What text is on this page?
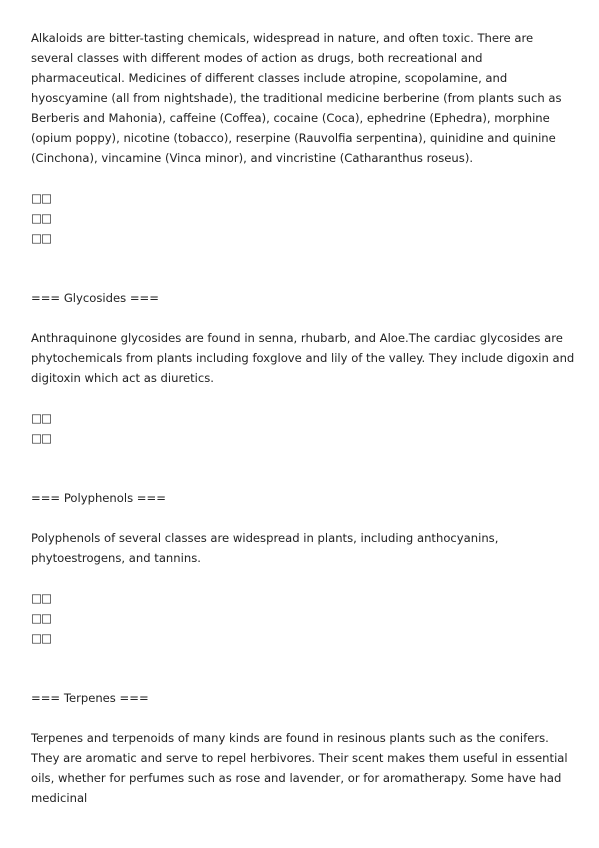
Alkaloids are bitter-tasting chemicals, widespread in nature, and often toxic. There are several classes with different modes of action as drugs, both recreational and pharmaceutical. Medicines of different classes include atropine, scopolamine, and hyoscyamine (all from nightshade), the traditional medicine berberine (from plants such as Berberis and Mahonia), caffeine (Coffea), cocaine (Coca), ephedrine (Ephedra), morphine (opium poppy), nicotine (tobacco), reserpine (Rauvolfia serpentina), quinidine and quinine (Cinchona), vincamine (Vinca minor), and vincristine (Catharanthus roseus).

□□
□□
□□

=== Glycosides ===

Anthraquinone glycosides are found in senna, rhubarb, and Aloe.The cardiac glycosides are phytochemicals from plants including foxglove and lily of the valley. They include digoxin and digitoxin which act as diuretics.

□□
□□

=== Polyphenols ===

Polyphenols of several classes are widespread in plants, including anthocyanins, phytoestrogens, and tannins.

□□
□□
□□

=== Terpenes ===

Terpenes and terpenoids of many kinds are found in resinous plants such as the conifers. They are aromatic and serve to repel herbivores. Their scent makes them useful in essential oils, whether for perfumes such as rose and lavender, or for aromatherapy. Some have had medicinal
